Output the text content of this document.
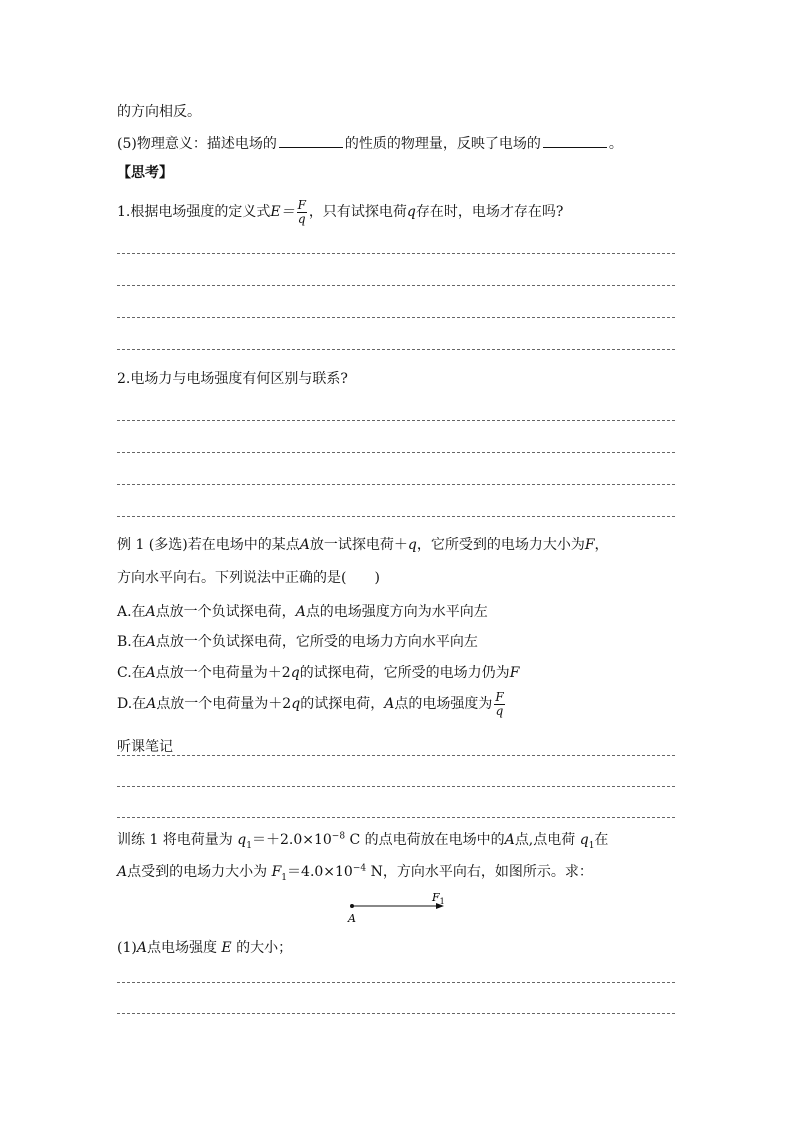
的方向相反。
(5)物理意义：描述电场的	的性质的物理量，反映了电场的	。
【思考】
1.根据电场强度的定义式$E= \frac{F}{q}$ ，只有试探电荷q存在时，电场才存在吗?
2.电场力与电场强度有何区别与联系?
例 1 (多选)若在电场中的某点A放一试探电荷＋q，它所受到的电场力大小为F，
方向水平向右。下列说法中正确的是(　　)
A.在A点放一个负试探电荷，A点的电场强度方向为水平向左
B.在A点放一个负试探电荷，它所受的电场力方向水平向左
C.在A点放一个电荷量为＋2q的试探电荷，它所受的电场力仍为F
D.在A点放一个电荷量为＋2q的试探电荷，A点的电场强度为 $\frac{F}{q}$
听课笔记
训练 1 将电荷量为 $q_1=+2.0\times 10^{-8}$ C 的点电荷放在电场中的A点,点电荷 $q_1$在
A点受到的电场力大小为 $F_1=4.0\times 10^{-4}$ N，方向水平向右，如图所示。求：
A
$F_1$
(1)A点电场强度 E 的大小；
